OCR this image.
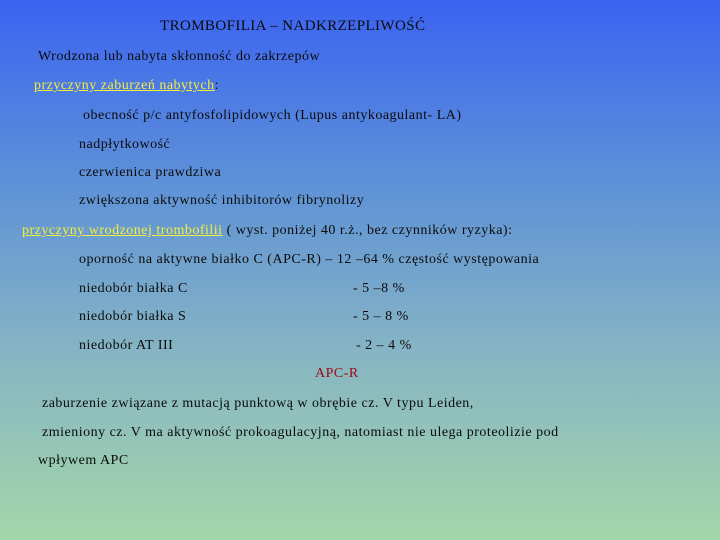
TROMBOFILIA – NADKRZEPLIWOŚĆ
Wrodzona lub nabyta skłonność do zakrzepów
przyczyny zaburzeń nabytych:
obecność p/c antyfosfolipidowych (Lupus antykoagulant- LA)
nadpłytkowość
czerwienica prawdziwa
zwiększona aktywność inhibitorów fibrynolizy
przyczyny wrodzonej trombofilii ( wyst. poniżej 40 r.ż., bez czynników ryzyka):
oporność na aktywne białko C (APC-R) – 12 –64 % częstość występowania
niedobór białka C	- 5 –8 %
niedobór białka S	- 5 – 8 %
niedobór AT III	- 2 – 4 %
APC-R
zaburzenie związane z mutacją punktową w obrębie cz. V typu Leiden,
zmieniony cz. V ma aktywność prokoagulacyjną, natomiast nie ulega proteolizie pod
wpływem APC
